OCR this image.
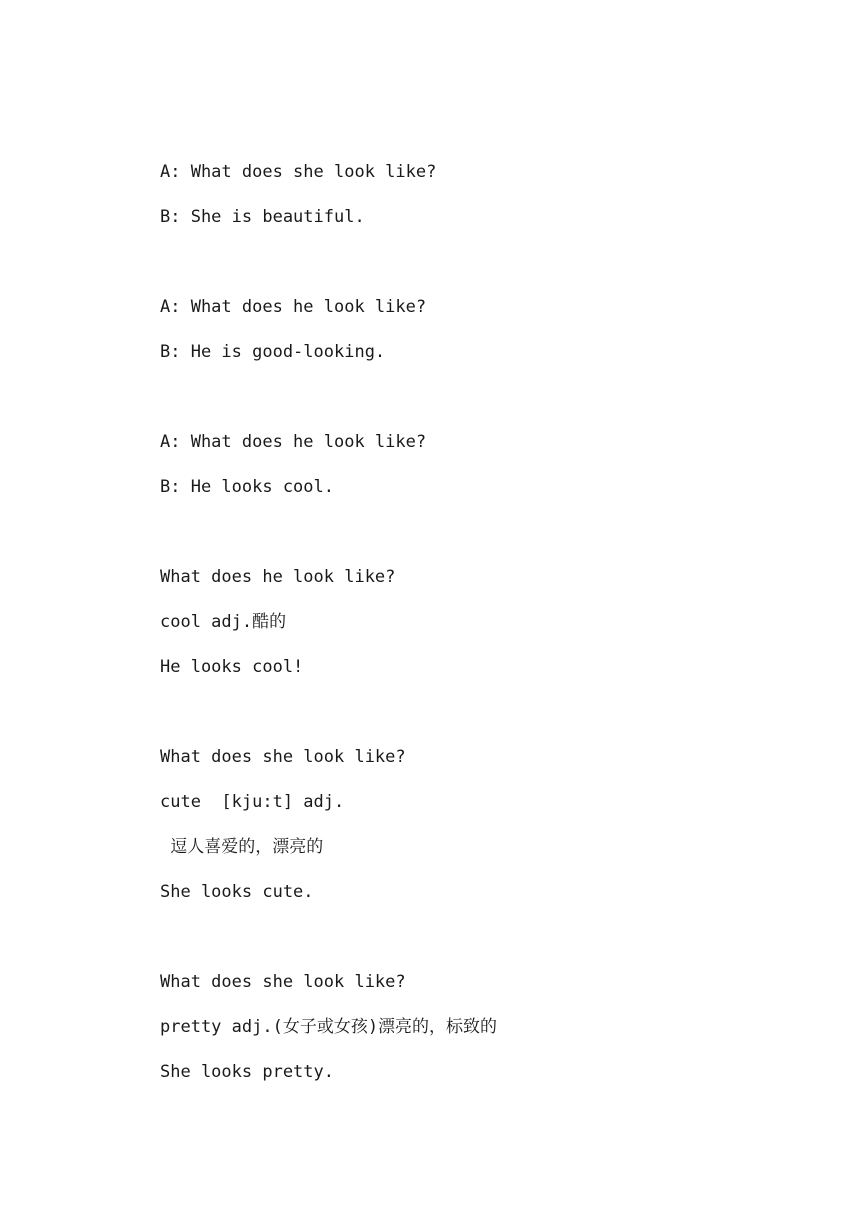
A: What does she look like?
B: She is beautiful.
A: What does he look like?
B: He is good-looking.
A: What does he look like?
B: He looks cool.
What does he look like?
cool adj.酷的
He looks cool!
What does she look like?
cute  [kju:t] adj.
逗人喜爱的，漂亮的
She looks cute.
What does she look like?
pretty adj.(女子或女孩)漂亮的，标致的
She looks pretty.
